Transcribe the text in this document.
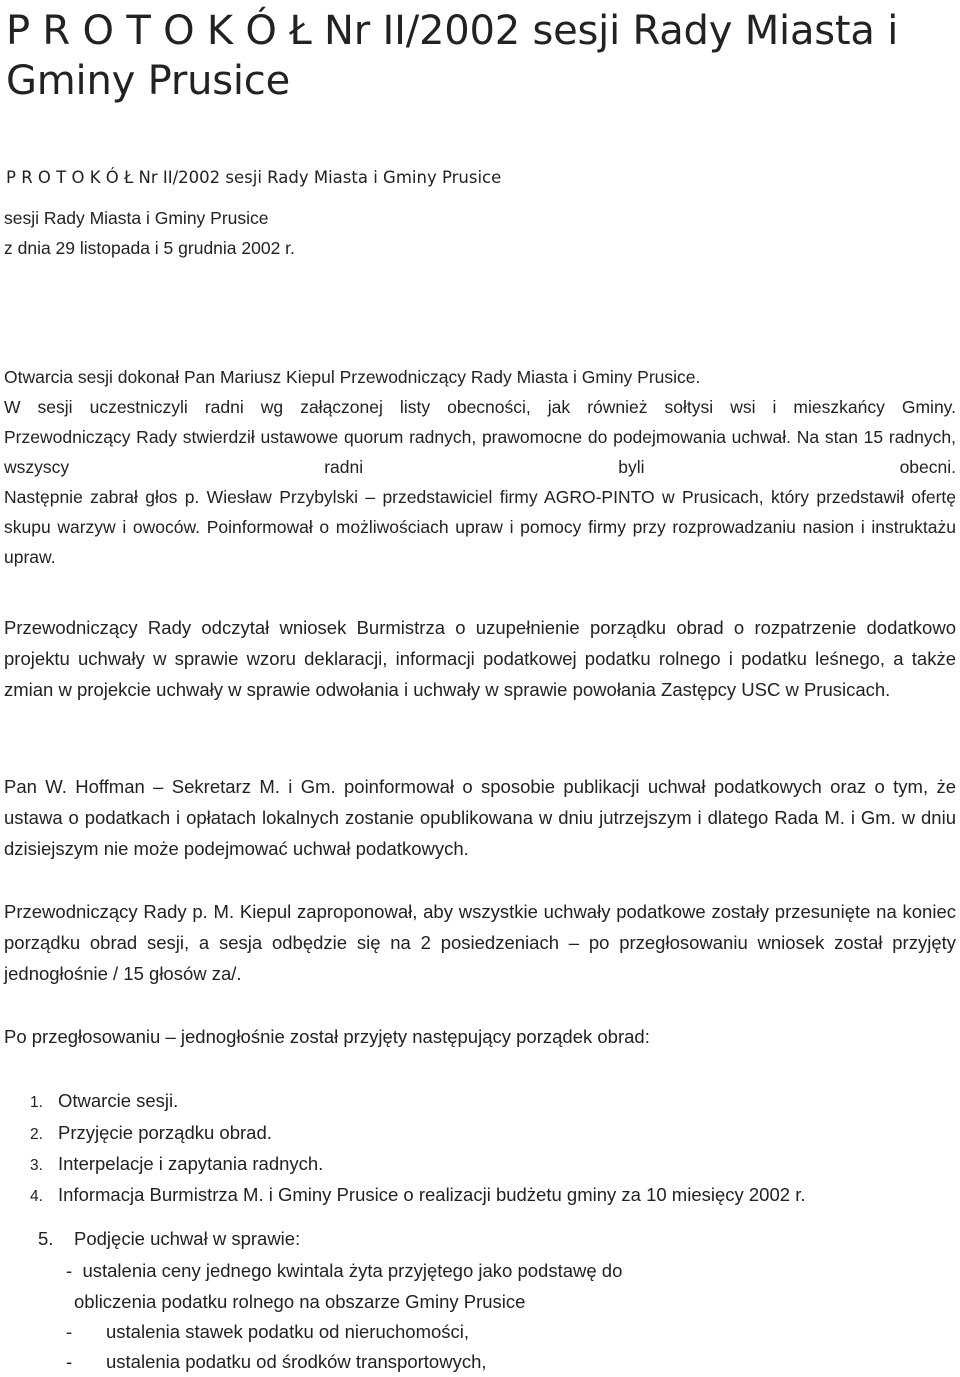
P R O T O K Ó Ł Nr II/2002 sesji Rady Miasta i Gminy Prusice

P R O T O K Ó Ł Nr II/2002 sesji Rady Miasta i Gminy Prusice

sesji Rady Miasta i Gminy Prusice
z dnia 29 listopada i 5 grudnia 2002 r.
Otwarcia sesji dokonał Pan Mariusz Kiepul Przewodniczący Rady Miasta i Gminy Prusice.
W sesji uczestniczyli radni wg załączonej listy obecności, jak również sołtysi wsi i mieszkańcy Gminy.
Przewodniczący Rady stwierdził ustawowe quorum radnych, prawomocne do podejmowania uchwał. Na stan 15 radnych, wszyscy radni byli obecni.
Następnie zabrał głos p. Wiesław Przybylski – przedstawiciel firmy AGRO-PINTO w Prusicach, który przedstawił ofertę skupu warzyw i owoców. Poinformował o możliwościach upraw i pomocy firmy przy rozprowadzaniu nasion i instruktażu upraw.

Przewodniczący Rady odczytał wniosek Burmistrza o uzupełnienie porządku obrad o rozpatrzenie dodatkowo projektu uchwały w sprawie wzoru deklaracji, informacji podatkowej podatku rolnego i podatku leśnego, a także zmian w projekcie uchwały w sprawie odwołania i uchwały w sprawie powołania Zastępcy USC w Prusicach.

Pan W. Hoffman – Sekretarz M. i Gm. poinformował o sposobie publikacji uchwał podatkowych oraz o tym, że ustawa o podatkach i opłatach lokalnych zostanie opublikowana w dniu jutrzejszym i dlatego Rada M. i Gm. w dniu dzisiejszym nie może podejmować uchwał podatkowych.

Przewodniczący Rady p. M. Kiepul zaproponował, aby wszystkie uchwały podatkowe zostały przesunięte na koniec porządku obrad sesji, a sesja odbędzie się na 2 posiedzeniach – po przegłosowaniu wniosek został przyjęty jednogłośnie / 15 głosów za/.

Po przegłosowaniu – jednogłośnie został przyjęty następujący porządek obrad:

1. Otwarcie sesji.
2. Przyjęcie porządku obrad.
3. Interpelacje i zapytania radnych.
4. Informacja Burmistrza M. i Gminy Prusice o realizacji budżetu gminy za 10 miesięcy 2002 r.
5. Podjęcie uchwał w sprawie:
- ustalenia ceny jednego kwintala żyta przyjętego jako podstawę do
obliczenia podatku rolnego na obszarze Gminy Prusice
- ustalenia stawek podatku od nieruchomości,
- ustalenia podatku od środków transportowych,
